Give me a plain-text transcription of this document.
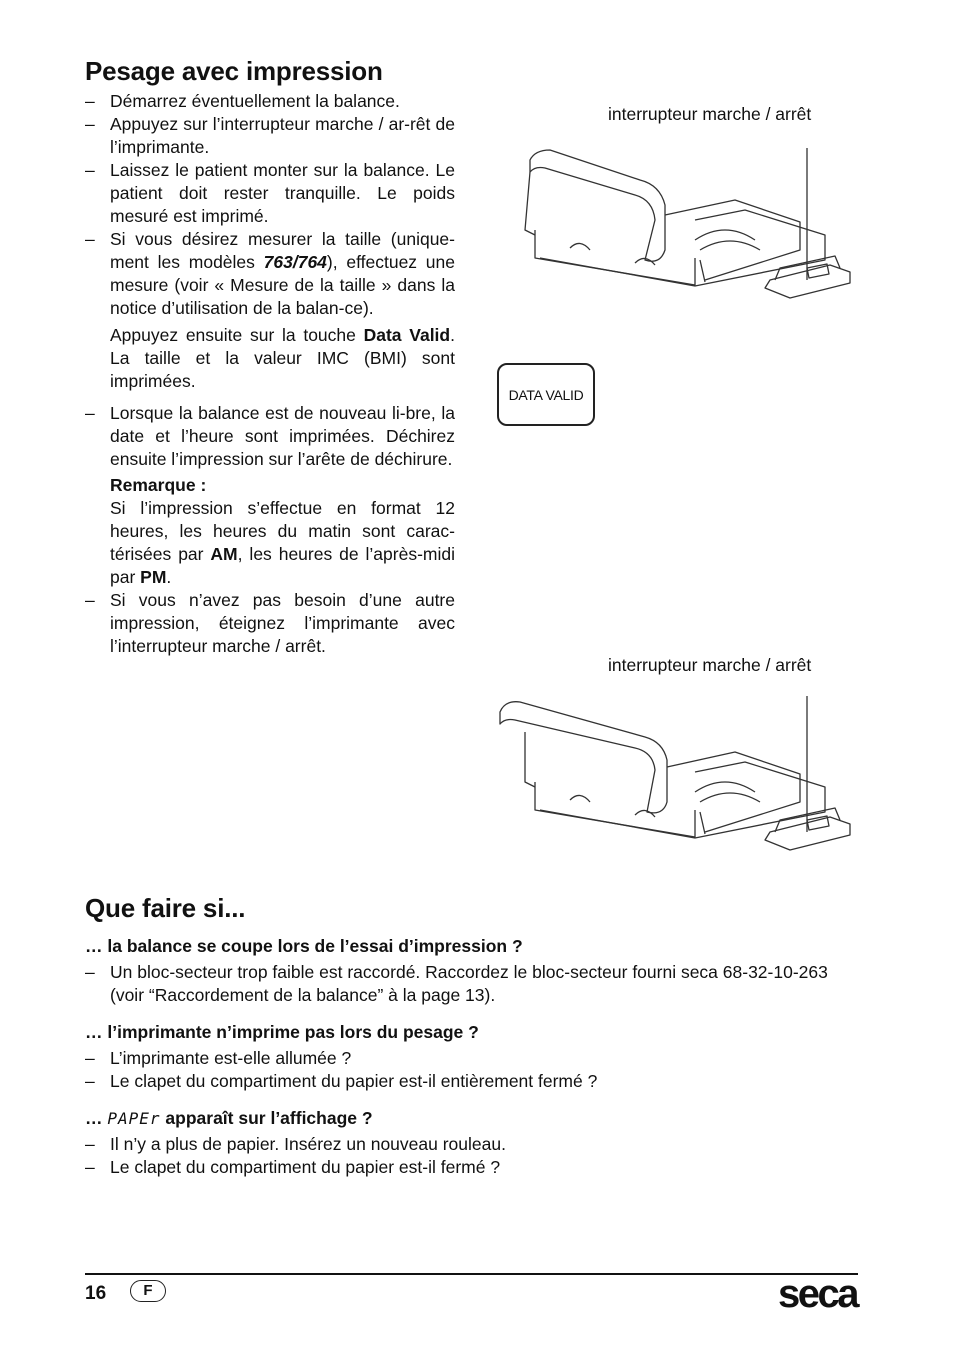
Pesage avec impression
– Démarrez éventuellement la balance.
– Appuyez sur l’interrupteur marche / ar-rêt de l’imprimante.
– Laissez le patient monter sur la balance. Le patient doit rester tranquille. Le poids mesuré est imprimé.
– Si vous désirez mesurer la taille (unique-ment les modèles 763/764), effectuez une mesure (voir « Mesure de la taille » dans la notice d’utilisation de la balan-ce).
Appuyez ensuite sur la touche Data Valid. La taille et la valeur IMC (BMI) sont imprimées.
– Lorsque la balance est de nouveau li-bre, la date et l’heure sont imprimées. Déchirez ensuite l’impression sur l’arête de déchirure.
Remarque :
Si l’impression s’effectue en format 12 heures, les heures du matin sont carac-térisées par AM, les heures de l’après-midi par PM.
– Si vous n’avez pas besoin d’une autre impression, éteignez l’imprimante avec l’interrupteur marche / arrêt.
interrupteur marche / arrêt
DATA VALID
interrupteur marche / arrêt
Que faire si...
… la balance se coupe lors de l’essai d’impression ?
– Un bloc-secteur trop faible est raccordé. Raccordez le bloc-secteur fourni seca 68-32-10-263 (voir “Raccordement de la balance” à la page 13).
… l’imprimante n’imprime pas lors du pesage ?
– L’imprimante est-elle allumée ?
– Le clapet du compartiment du papier est-il entièrement fermé ?
… PAPEr apparaît sur l’affichage ?
– Il n’y a plus de papier. Insérez un nouveau rouleau.
– Le clapet du compartiment du papier est-il fermé ?
16	F	seca
